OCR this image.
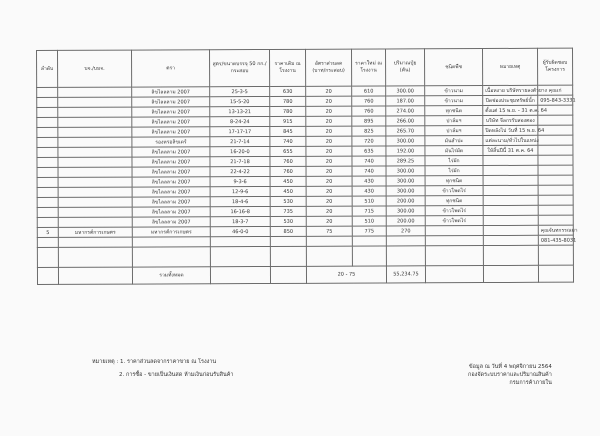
ลำดับ	บจ./บมจ.	ตรา	สูตร/ขนาดบรรจุ 50 กก./กระสอบ	ราคาเดิม ณ โรงงาน	อัตราส่วนลด (บาท/กระสอบ)	ราคาใหม่ ณ โรงงาน	ปริมาณปุ๋ย (ตัน)	ชนิดพืช	หมายเหตุ	ผู้รับผิดชอบโครงการ
		ลิขไลลลาม 2007	25-3-5	630	20	610	300.00	ข้าวนาม	เนื้อหงาย บริษัทรายลงตัวยาง	คุณเก่
		ลิขไลลลาม 2007	15-5-20	780	20	760	187.00	ข้าวนาม	ปิดช่องประชุมทรัพย์นั้ก	095-843-3331
		ลิขไลลลาม 2007	13-13-21	780	20	760	274.00	ทุกชนิด	ตั้งแต่ 15 พ.ย. - 31 ต.ค. 64	
		ลิขไลลลาม 2007	8-24-24	915	20	895	266.00	ปาล์มฯ	บริษัท จีลกรรับสองตอง	
		ลิขไลลลาม 2007	17-17-17	845	20	825	265.70	ปาล์มฯ	ปิดหลังไป วันที่ 15 พ.ย. 64	
		รองหรอลิขเดร์	21-7-14	740	20	720	300.00	มันสำปะ	แต่ละนาม/ทั่วไปในแหน่ง	
		ลิขไลลลาม 2007	16-20-0	655	20	635	192.00	มันไร่ผัด	ให้สิ้นปีนี้ 31 ต.ค. 64	
		ลิขไลลลาม 2007	21-7-18	760	20	740	289.25	ไร่ผัก		
		ลิขไลลลาม 2007	22-4-22	760	20	740	300.00	ไร่ผัก		
		ลิขไลลลาม 2007	9-3-6	450	20	430	300.00	ทุกชนิด		
		ลิขไลลลาม 2007	12-9-6	450	20	430	300.00	ข้าวโพดไร่		
		ลิขไลลลาม 2007	18-4-6	530	20	510	200.00	ทุกชนิด		
		ลิขไลลลาม 2007	16-16-8	735	20	715	300.00	ข้าวโพดไร่		
		ลิขไลลลาม 2007	18-3-7	530	20	510	200.00	ข้าวโพดไร่		
5	มหากรต์การเกษตร	มหากรต์การเกษตร	46-0-0	850	75	775	270			คุณจันทกรรณมา
										081-435-8031

		รวมทั้งหมด			20 - 75		55,234.75			
หมายเหตุ : 1. ราคาส่วนลดจากราคาขาย ณ โรงงาน
2. การซื้อ - ขายเป็นเงินสด ห้ามเงินก่อนรับสินค้า
ข้อมูล ณ วันที่ 4 พฤศจิกายน 2564
กองจัดระบบราคาและปริมาณสินค้า
กรมการค้าภายใน
